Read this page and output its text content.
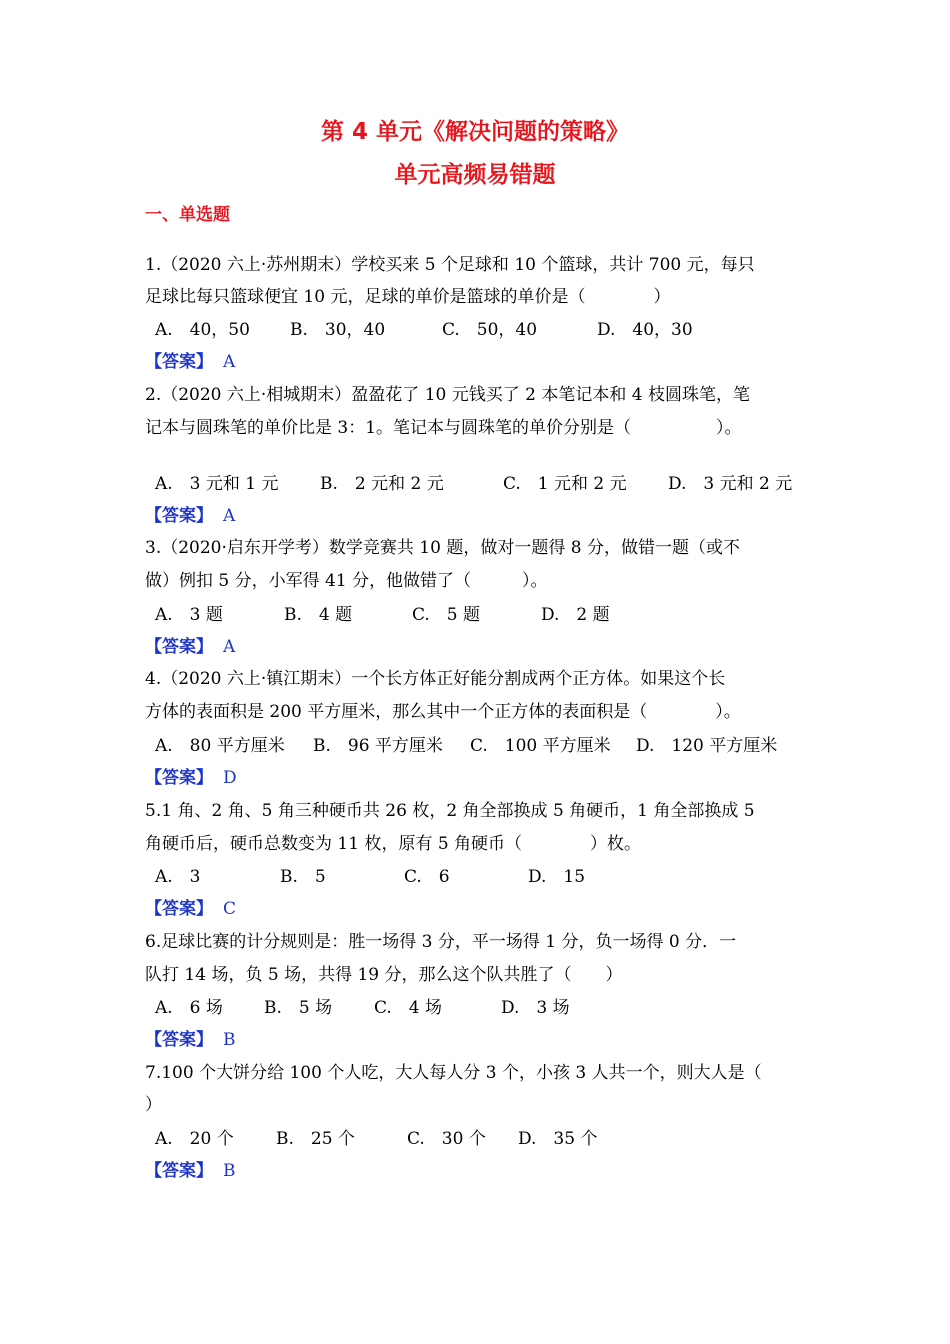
第 4 单元《解决问题的策略》
单元高频易错题
一、单选题
1.（2020 六上·苏州期末）学校买来 5 个足球和 10 个篮球，共计 700 元，每只
足球比每只篮球便宜 10 元，足球的单价是篮球的单价是（　　　　）
A.　40，50 B.　30，40	C.　50，40	D.　40，30
【答案】 A
2.（2020 六上·相城期末）盈盈花了 10 元钱买了 2 本笔记本和 4 枝圆珠笔，笔
记本与圆珠笔的单价比是 3：1。笔记本与圆珠笔的单价分别是（　　　　　）。
A.　3 元和 1 元 B.　2 元和 2 元	C.　1 元和 2 元 D.　3 元和 2 元
【答案】 A
3.（2020·启东开学考）数学竞赛共 10 题，做对一题得 8 分，做错一题（或不
做）例扣 5 分，小军得 41 分，他做错了（　　　）。
A.　3 题	B.　4 题	C.　5 题	D.　2 题
【答案】 A
4.（2020 六上·镇江期末）一个长方体正好能分割成两个正方体。如果这个长
方体的表面积是 200 平方厘米，那么其中一个正方体的表面积是（　　　　）。
A.　80 平方厘米 B.　96 平方厘米 C.　100 平方厘米 D.　120 平方厘米
【答案】 D
5.1 角、2 角、5 角三种硬币共 26 枚，2 角全部换成 5 角硬币，1 角全部换成 5
角硬币后，硬币总数变为 11 枚，原有 5 角硬币（　　　　）枚。
A.　3	B.　5	C.　6	D.　15
【答案】 C
6.足球比赛的计分规则是：胜一场得 3 分，平一场得 1 分，负一场得 0 分．一
队打 14 场，负 5 场，共得 19 分，那么这个队共胜了（　　）
A.　6 场 B.　5 场 C.　4 场	D.　3 场
【答案】 B
7.100 个大饼分给 100 个人吃，大人每人分 3 个，小孩 3 人共一个，则大人是（
）
A.　20 个 B.　25 个	C.　30 个 D.　35 个
【答案】 B
